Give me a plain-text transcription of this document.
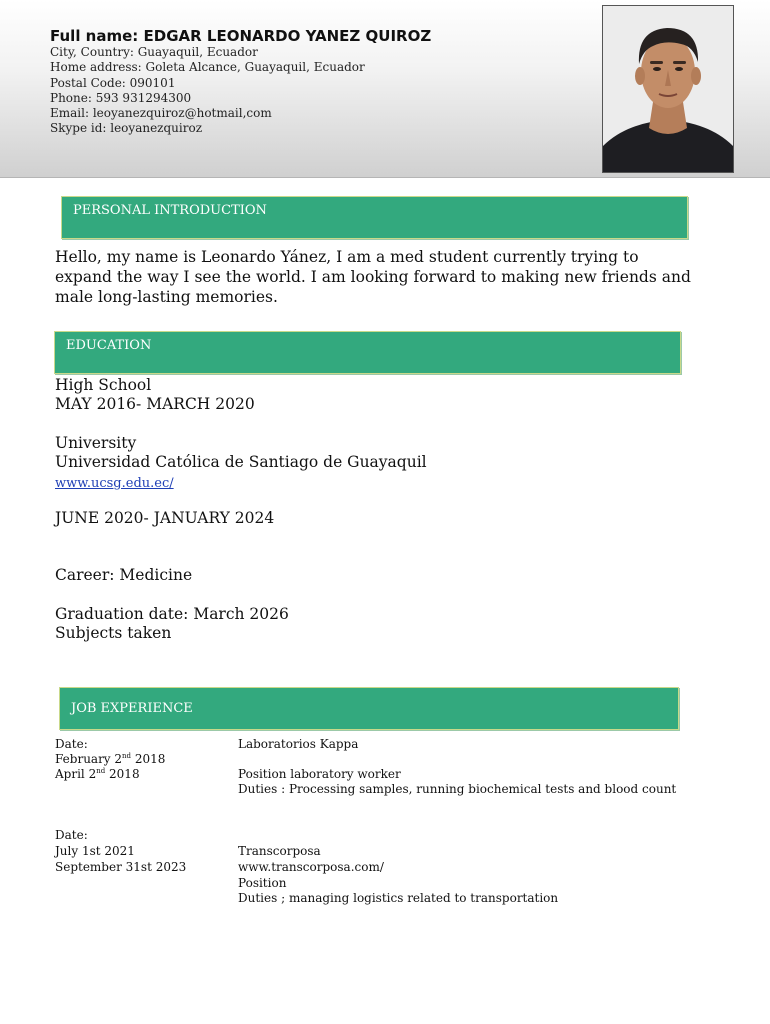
Full name: EDGAR LEONARDO YANEZ QUIROZ
City, Country: Guayaquil, Ecuador
Home address: Goleta Alcance, Guayaquil, Ecuador
Postal Code: 090101
Phone: 593 931294300
Email: leoyanezquiroz@hotmail,com
Skype id: leoyanezquiroz
PERSONAL INTRODUCTION
Hello, my name is Leonardo Yánez, I am a med student currently trying to expand the way I see the world. I am looking forward to making new friends and male long-lasting memories.
EDUCATION
High School
MAY 2016- MARCH 2020
University
Universidad Católica de Santiago de Guayaquil
www.ucsg.edu.ec/
JUNE 2020- JANUARY 2024
Career: Medicine
Graduation date: March 2026
Subjects taken
JOB EXPERIENCE
Date:
February 2nd 2018
April 2nd 2018
Laboratorios Kappa
Position laboratory worker
Duties : Processing samples, running biochemical tests and blood count
Date:
July 1st 2021
September 31st 2023
Transcorposa
www.transcorposa.com/
Position
Duties ; managing logistics related to transportation
